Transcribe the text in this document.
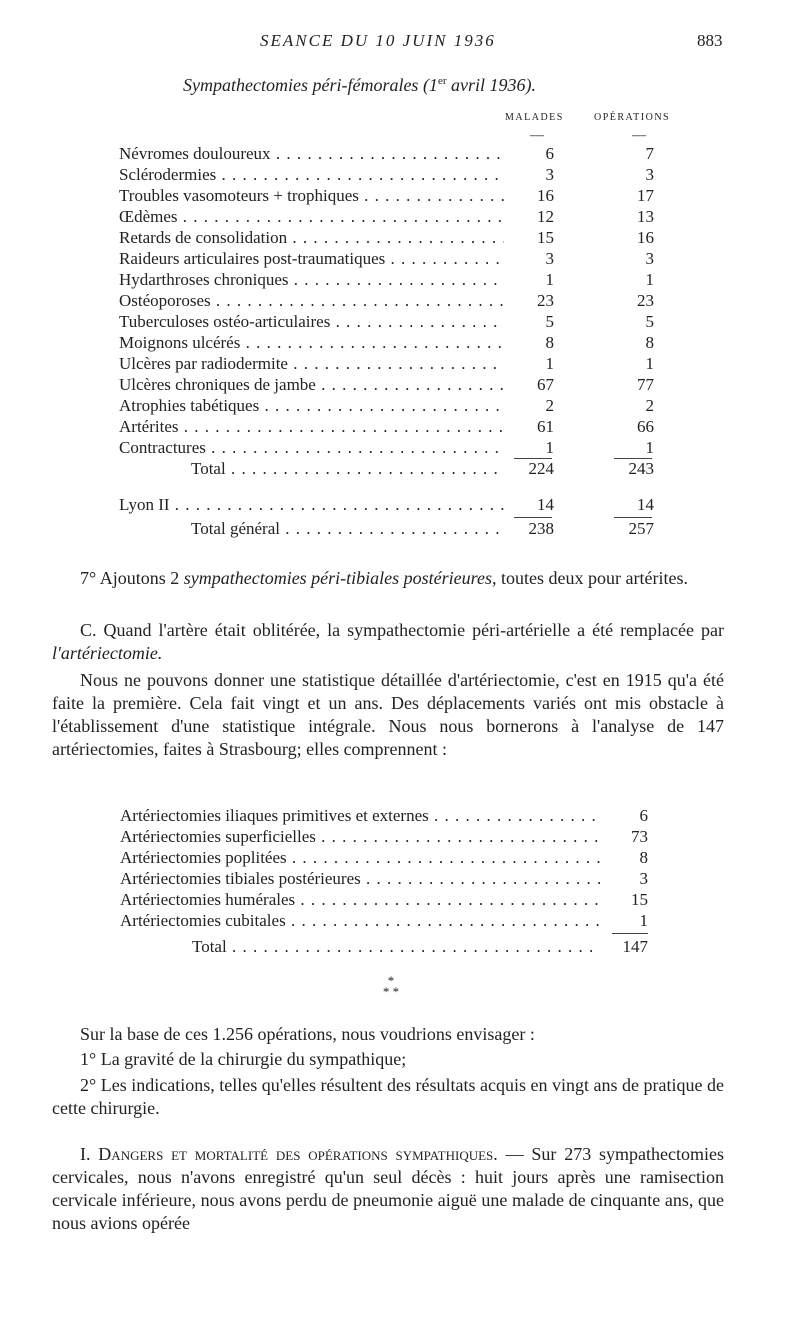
SEANCE DU 10 JUIN 1936	883
Sympathectomies péri-fémorales (1er avril 1936).
MALADES	OPÉRATIONS
—	—
Névromes douloureux . . .	6	7
Sclérodermies . . .	3	3
Troubles vasomoteurs + trophiques . . .	16	17
Œdèmes . . .	12	13
Retards de consolidation . . .	15	16
Raideurs articulaires post-traumatiques . . .	3	3
Hydarthroses chroniques . . .	1	1
Ostéoporoses . . .	23	23
Tuberculoses ostéo-articulaires . . .	5	5
Moignons ulcérés . . .	8	8
Ulcères par radiodermite . . .	1	1
Ulcères chroniques de jambe . . .	67	77
Atrophies tabétiques . . .	2	2
Artérites . . .	61	66
Contractures . . .	1	1
Total . . .	224	243
Lyon II . . .	14	14
Total général . . .	238	257

7° Ajoutons 2 sympathectomies péri-tibiales postérieures, toutes deux pour artérites.

C. Quand l'artère était oblitérée, la sympathectomie péri-artérielle a été remplacée par l'artériectomie.

Nous ne pouvons donner une statistique détaillée d'artériectomie, c'est en 1915 qu'a été faite la première. Cela fait vingt et un ans. Des déplacements variés ont mis obstacle à l'établissement d'une statistique intégrale. Nous nous bornerons à l'analyse de 147 artériectomies, faites à Strasbourg; elles comprennent :

Artériectomies iliaques primitives et externes . . .	6
Artériectomies superficielles . . .	73
Artériectomies poplitées . . .	8
Artériectomies tibiales postérieures . . .	3
Artériectomies humérales . . .	15
Artériectomies cubitales . . .	1
Total . . .	147
*
* *

Sur la base de ces 1.256 opérations, nous voudrions envisager :

1° La gravité de la chirurgie du sympathique;

2° Les indications, telles qu'elles résultent des résultats acquis en vingt ans de pratique de cette chirurgie.

I. Dangers et mortalité des opérations sympathiques. — Sur 273 sympathectomies cervicales, nous n'avons enregistré qu'un seul décès : huit jours après une ramisection cervicale inférieure, nous avons perdu de pneumonie aiguë une malade de cinquante ans, que nous avions opérée
